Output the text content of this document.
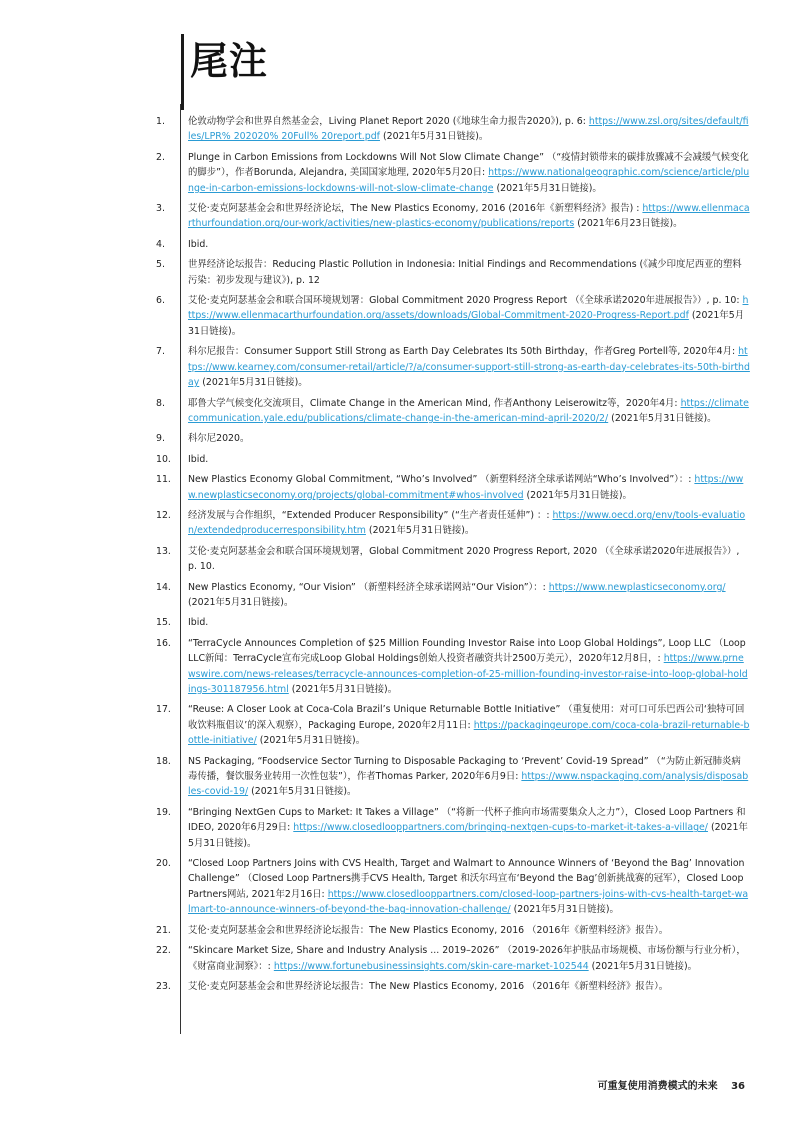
尾注
1.	伦敦动物学会和世界自然基金会，Living Planet Report 2020 (《地球生命力报告2020》), p. 6: https://www.zsl.org/sites/default/files/LPR% 202020% 20Full% 20report.pdf (2021年5月31日链接)。
2.	Plunge in Carbon Emissions from Lockdowns Will Not Slow Climate Change” （“疫情封锁带来的碳排放骤减不会减缓气候变化的脚步”），作者Borunda, Alejandra, 美国国家地理, 2020年5月20日: https://www.nationalgeographic.com/science/article/plunge-in-carbon-emissions-lockdowns-will-not-slow-climate-change (2021年5月31日链接)。
3.	艾伦·麦克阿瑟基金会和世界经济论坛，The New Plastics Economy, 2016 (2016年《新塑料经济》报告) : https://www.ellenmacarthurfoundation.org/our-work/activities/new-plastics-economy/publications/reports (2021年6月23日链接)。
4.	Ibid.
5.	世界经济论坛报告：Reducing Plastic Pollution in Indonesia: Initial Findings and Recommendations (《减少印度尼西亚的塑料污染：初步发现与建议》), p. 12
6.	艾伦·麦克阿瑟基金会和联合国环境规划署：Global Commitment 2020 Progress Report （《全球承诺2020年进展报告》）, p. 10: https://www.ellenmacarthurfoundation.org/assets/downloads/Global-Commitment-2020-Progress-Report.pdf (2021年5月31日链接)。
7.	科尔尼报告：Consumer Support Still Strong as Earth Day Celebrates Its 50th Birthday，作者Greg Portell等, 2020年4月: https://www.kearney.com/consumer-retail/article/?/a/consumer-support-still-strong-as-earth-day-celebrates-its-50th-birthday (2021年5月31日链接)。
8.	耶鲁大学气候变化交流项目，Climate Change in the American Mind, 作者Anthony Leiserowitz等，2020年4月: https://climatecommunication.yale.edu/publications/climate-change-in-the-american-mind-april-2020/2/ (2021年5月31日链接)。
9.	科尔尼2020。
10.	Ibid.
11.	New Plastics Economy Global Commitment, “Who’s Involved” （新塑料经济全球承诺网站“Who’s Involved”）：: https://www.newplasticseconomy.org/projects/global-commitment#whos-involved (2021年5月31日链接)。
12.	经济发展与合作组织，“Extended Producer Responsibility” (“生产者责任延伸”) ：: https://www.oecd.org/env/tools-evaluation/extendedproducerresponsibility.htm (2021年5月31日链接)。
13.	艾伦·麦克阿瑟基金会和联合国环境规划署，Global Commitment 2020 Progress Report, 2020 （《全球承诺2020年进展报告》）, p. 10.
14.	New Plastics Economy, “Our Vision” （新塑料经济全球承诺网站“Our Vision”）：: https://www.newplasticseconomy.org/ (2021年5月31日链接)。
15.	Ibid.
16.	“TerraCycle Announces Completion of $25 Million Founding Investor Raise into Loop Global Holdings”, Loop LLC （Loop LLC新闻：TerraCycle宣布完成Loop Global Holdings创始人投资者融资共计2500万美元），2020年12月8日，: https://www.prnewswire.com/news-releases/terracycle-announces-completion-of-25-million-founding-investor-raise-into-loop-global-holdings-301187956.html (2021年5月31日链接)。
17.	“Reuse: A Closer Look at Coca-Cola Brazil’s Unique Returnable Bottle Initiative” （重复使用：对可口可乐巴西公司‘独特可回收饮料瓶倡议’的深入观察），Packaging Europe, 2020年2月11日: https://packagingeurope.com/coca-cola-brazil-returnable-bottle-initiative/ (2021年5月31日链接)。
18.	NS Packaging, “Foodservice Sector Turning to Disposable Packaging to ‘Prevent’ Covid-19 Spread” （“为防止新冠肺炎病毒传播，餐饮服务业转用一次性包装”），作者Thomas Parker, 2020年6月9日: https://www.nspackaging.com/analysis/disposables-covid-19/ (2021年5月31日链接)。
19.	“Bringing NextGen Cups to Market: It Takes a Village” （“将新一代杯子推向市场需要集众人之力”），Closed Loop Partners 和IDEO, 2020年6月29日: https://www.closedlooppartners.com/bringing-nextgen-cups-to-market-it-takes-a-village/ (2021年5月31日链接)。
20.	“Closed Loop Partners Joins with CVS Health, Target and Walmart to Announce Winners of ‘Beyond the Bag’ Innovation Challenge” （Closed Loop Partners携手CVS Health, Target 和沃尔玛宣布‘Beyond the Bag’创新挑战赛的冠军），Closed Loop Partners网站, 2021年2月16日: https://www.closedlooppartners.com/closed-loop-partners-joins-with-cvs-health-target-walmart-to-announce-winners-of-beyond-the-bag-innovation-challenge/ (2021年5月31日链接)。
21.	艾伦·麦克阿瑟基金会和世界经济论坛报告：The New Plastics Economy, 2016 （2016年《新塑料经济》报告）。
22.	“Skincare Market Size, Share and Industry Analysis ... 2019–2026” （2019-2026年护肤品市场规模、市场份额与行业分析），《财富商业洞察》：: https://www.fortunebusinessinsights.com/skin-care-market-102544 (2021年5月31日链接)。
23.	艾伦·麦克阿瑟基金会和世界经济论坛报告：The New Plastics Economy, 2016 （2016年《新塑料经济》报告）。
可重复使用消费模式的未来 36
